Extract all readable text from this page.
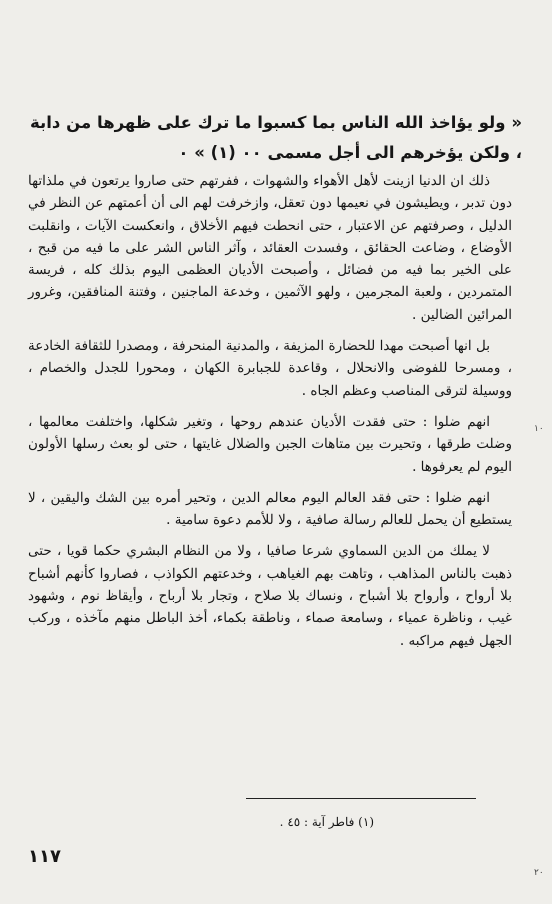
« ولو يؤاخذ الله الناس بما كسبوا ما ترك على ظهرها من دابة ، ولكن يؤخرهم الى أجل مسمى ٠٠ (١) » ٠

ذلك ان الدنيا ازينت لأهل الأهواء والشهوات ، ففرتهم حتى صاروا يرتعون في ملذاتها دون تدبر ، ويطيشون في نعيمها دون تعقل، وازخرفت لهم الى أن أعمتهم عن النظر في الدليل ، وصرفتهم عن الاعتبار ، حتى انحطت فيهم الأخلاق ، وانعكست الآيات ، وانقلبت الأوضاع ، وضاعت الحقائق ، وفسدت العقائد ، وآثر الناس الشر على ما فيه من قبح ، على الخير بما فيه من فضائل ، وأصبحت الأديان العظمى اليوم بذلك كله ، فريسة المتمردين ، ولعبة المجرمين ، ولهو الآثمين ، وخدعة الماجنين ، وفتنة المنافقين، وغرور المرائين الضالين .

بل انها أصبحت مهدا للحضارة المزيفة ، والمدنية المنحرفة ، ومصدرا للثقافة الخادعة ، ومسرحا للفوضى والانحلال ، وقاعدة للجبابرة الكهان ، ومحورا للجدل والخصام ، ووسيلة لترقى المناصب وعظم الجاه .

انهم ضلوا : حتى فقدت الأديان عندهم روحها ، وتغير شكلها، واختلفت معالمها ، وضلت طرقها ، وتحيرت بين متاهات الجبن والضلال غايتها ، حتى لو بعث رسلها الأولون اليوم لم يعرفوها .

انهم ضلوا : حتى فقد العالم اليوم معالم الدين ، وتحير أمره بين الشك واليقين ، لا يستطيع أن يحمل للعالم رسالة صافية ، ولا للأمم دعوة سامية .

لا يملك من الدين السماوي شرعا صافيا ، ولا من النظام البشري حكما قويا ، حتى ذهبت بالناس المذاهب ، وتاهت بهم الغياهب ، وخدعتهم الكواذب ، فصاروا كأنهم أشباح بلا أرواح ، وأرواح بلا أشباح ، ونساك بلا صلاح ، وتجار بلا أرباح ، وأيقاظ نوم ، وشهود غيب ، وناظرة عمياء ، وسامعة صماء ، وناطقة بكماء، أخذ الباطل منهم مآخذه ، وركب الجهل فيهم مراكبه .

(١) فاطر آية : ٤٥ .
١١٧
١٠
٢٠
